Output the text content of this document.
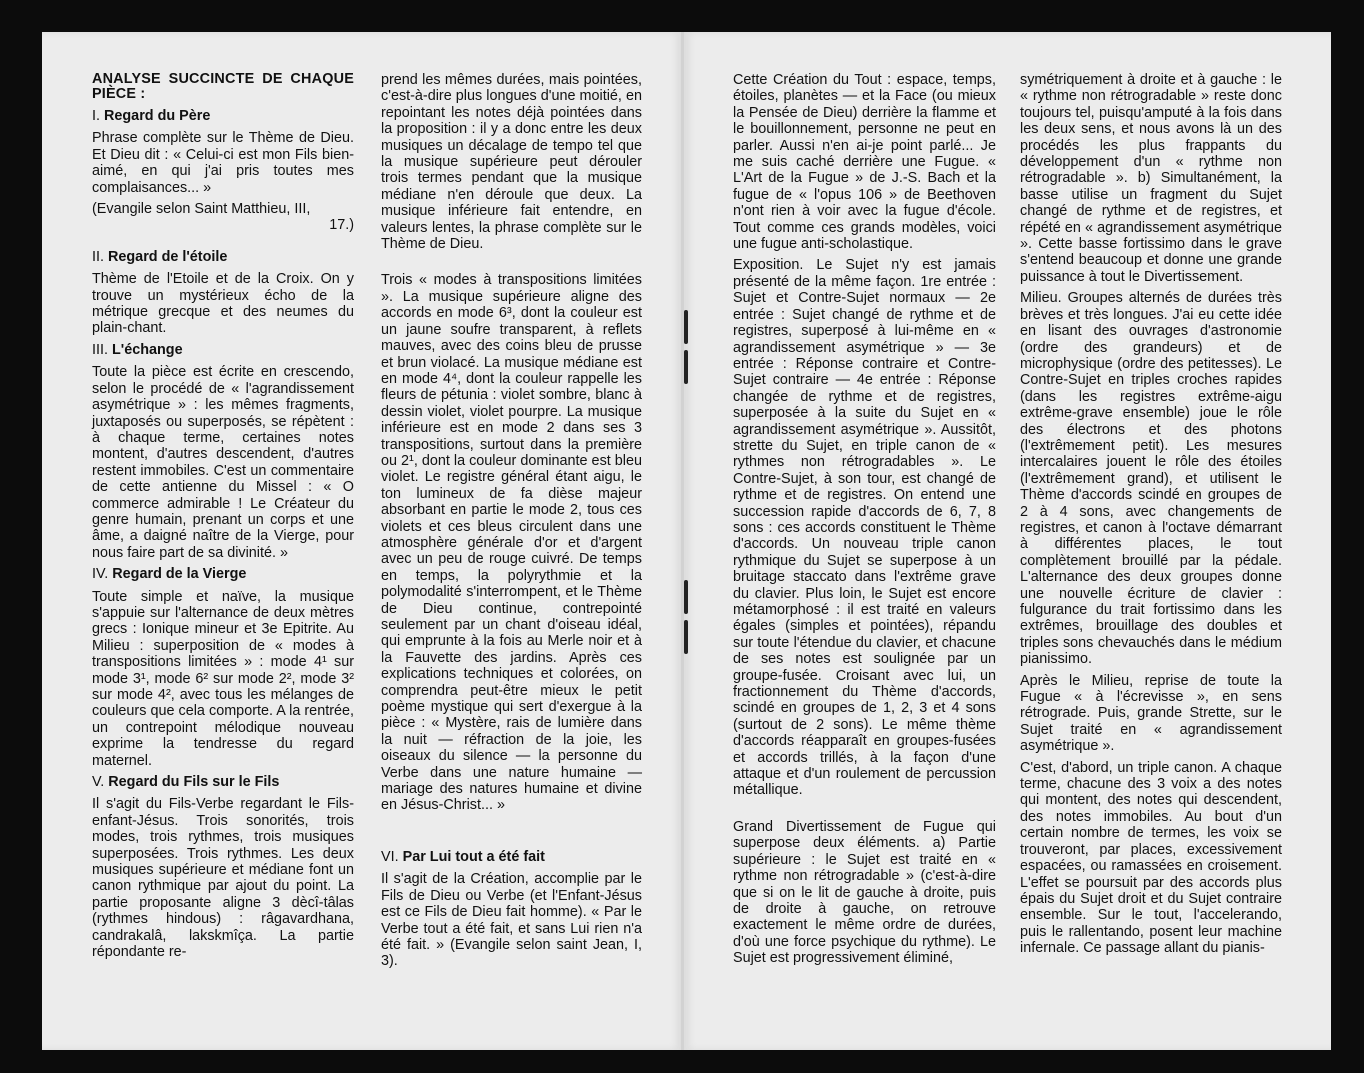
ANALYSE SUCCINCTE DE CHAQUE PIÈCE :
I. Regard du Père

Phrase complète sur le Thème de Dieu. Et Dieu dit : « Celui-ci est mon Fils bien-aimé, en qui j'ai pris toutes mes complaisances... »

(Evangile selon Saint Matthieu, III,

17.)

II. Regard de l'étoile

Thème de l'Etoile et de la Croix. On y trouve un mystérieux écho de la métrique grecque et des neumes du plain-chant.

III. L'échange

Toute la pièce est écrite en crescendo, selon le procédé de « l'agrandissement asymétrique » : les mêmes fragments, juxtaposés ou superposés, se répètent : à chaque terme, certaines notes montent, d'autres descendent, d'autres restent immobiles. C'est un commentaire de cette antienne du Missel : « O commerce admirable ! Le Créateur du genre humain, prenant un corps et une âme, a daigné naître de la Vierge, pour nous faire part de sa divinité. »

IV. Regard de la Vierge

Toute simple et naïve, la musique s'appuie sur l'alternance de deux mètres grecs : Ionique mineur et 3e Epitrite. Au Milieu : superposition de « modes à transpositions limitées » : mode 4¹ sur mode 3¹, mode 6² sur mode 2², mode 3² sur mode 4², avec tous les mélanges de couleurs que cela comporte. A la rentrée, un contrepoint mélodique nouveau exprime la tendresse du regard maternel.

V. Regard du Fils sur le Fils

Il s'agit du Fils-Verbe regardant le Fils-enfant-Jésus. Trois sonorités, trois modes, trois rythmes, trois musiques superposées. Trois rythmes. Les deux musiques supérieure et médiane font un canon rythmique par ajout du point. La partie proposante aligne 3 dècî-tâlas (rythmes hindous) : râgavardhana, candrakalâ, lakskmîça. La partie répondante re-

prend les mêmes durées, mais pointées, c'est-à-dire plus longues d'une moitié, en repointant les notes déjà pointées dans la proposition : il y a donc entre les deux musiques un décalage de tempo tel que la musique supérieure peut dérouler trois termes pendant que la musique médiane n'en déroule que deux. La musique inférieure fait entendre, en valeurs lentes, la phrase complète sur le Thème de Dieu.

Trois « modes à transpositions limitées ». La musique supérieure aligne des accords en mode 6³, dont la couleur est un jaune soufre transparent, à reflets mauves, avec des coins bleu de prusse et brun violacé. La musique médiane est en mode 4⁴, dont la couleur rappelle les fleurs de pétunia : violet sombre, blanc à dessin violet, violet pourpre. La musique inférieure est en mode 2 dans ses 3 transpositions, surtout dans la première ou 2¹, dont la couleur dominante est bleu violet. Le registre général étant aigu, le ton lumineux de fa dièse majeur absorbant en partie le mode 2, tous ces violets et ces bleus circulent dans une atmosphère générale d'or et d'argent avec un peu de rouge cuivré. De temps en temps, la polyrythmie et la polymodalité s'interrompent, et le Thème de Dieu continue, contrepointé seulement par un chant d'oiseau idéal, qui emprunte à la fois au Merle noir et à la Fauvette des jardins. Après ces explications techniques et colorées, on comprendra peut-être mieux le petit poème mystique qui sert d'exergue à la pièce : « Mystère, rais de lumière dans la nuit — réfraction de la joie, les oiseaux du silence — la personne du Verbe dans une nature humaine — mariage des natures humaine et divine en Jésus-Christ... »

VI. Par Lui tout a été fait

Il s'agit de la Création, accomplie par le Fils de Dieu ou Verbe (et l'Enfant-Jésus est ce Fils de Dieu fait homme). « Par le Verbe tout a été fait, et sans Lui rien n'a été fait. » (Evangile selon saint Jean, I, 3).

Cette Création du Tout : espace, temps, étoiles, planètes — et la Face (ou mieux la Pensée de Dieu) derrière la flamme et le bouillonnement, personne ne peut en parler. Aussi n'en ai-je point parlé... Je me suis caché derrière une Fugue. « L'Art de la Fugue » de J.-S. Bach et la fugue de « l'opus 106 » de Beethoven n'ont rien à voir avec la fugue d'école. Tout comme ces grands modèles, voici une fugue anti-scholastique.

Exposition. Le Sujet n'y est jamais présenté de la même façon. 1re entrée : Sujet et Contre-Sujet normaux — 2e entrée : Sujet changé de rythme et de registres, superposé à lui-même en « agrandissement asymétrique » — 3e entrée : Réponse contraire et Contre-Sujet contraire — 4e entrée : Réponse changée de rythme et de registres, superposée à la suite du Sujet en « agrandissement asymétrique ». Aussitôt, strette du Sujet, en triple canon de « rythmes non rétrogradables ». Le Contre-Sujet, à son tour, est changé de rythme et de registres. On entend une succession rapide d'accords de 6, 7, 8 sons : ces accords constituent le Thème d'accords. Un nouveau triple canon rythmique du Sujet se superpose à un bruitage staccato dans l'extrême grave du clavier. Plus loin, le Sujet est encore métamorphosé : il est traité en valeurs égales (simples et pointées), répandu sur toute l'étendue du clavier, et chacune de ses notes est soulignée par un groupe-fusée. Croisant avec lui, un fractionnement du Thème d'accords, scindé en groupes de 1, 2, 3 et 4 sons (surtout de 2 sons). Le même thème d'accords réapparaît en groupes-fusées et accords trillés, à la façon d'une attaque et d'un roulement de percussion métallique.

Grand Divertissement de Fugue qui superpose deux éléments. a) Partie supérieure : le Sujet est traité en « rythme non rétrogradable » (c'est-à-dire que si on le lit de gauche à droite, puis de droite à gauche, on retrouve exactement le même ordre de durées, d'où une force psychique du rythme). Le Sujet est progressivement éliminé,

symétriquement à droite et à gauche : le « rythme non rétrogradable » reste donc toujours tel, puisqu'amputé à la fois dans les deux sens, et nous avons là un des procédés les plus frappants du développement d'un « rythme non rétrogradable ». b) Simultanément, la basse utilise un fragment du Sujet changé de rythme et de registres, et répété en « agrandissement asymétrique ». Cette basse fortissimo dans le grave s'entend beaucoup et donne une grande puissance à tout le Divertissement.

Milieu. Groupes alternés de durées très brèves et très longues. J'ai eu cette idée en lisant des ouvrages d'astronomie (ordre des grandeurs) et de microphysique (ordre des petitesses). Le Contre-Sujet en triples croches rapides (dans les registres extrême-aigu extrême-grave ensemble) joue le rôle des électrons et des photons (l'extrêmement petit). Les mesures intercalaires jouent le rôle des étoiles (l'extrêmement grand), et utilisent le Thème d'accords scindé en groupes de 2 à 4 sons, avec changements de registres, et canon à l'octave démarrant à différentes places, le tout complètement brouillé par la pédale. L'alternance des deux groupes donne une nouvelle écriture de clavier : fulgurance du trait fortissimo dans les extrêmes, brouillage des doubles et triples sons chevauchés dans le médium pianissimo.

Après le Milieu, reprise de toute la Fugue « à l'écrevisse », en sens rétrograde. Puis, grande Strette, sur le Sujet traité en « agrandissement asymétrique ».

C'est, d'abord, un triple canon. A chaque terme, chacune des 3 voix a des notes qui montent, des notes qui descendent, des notes immobiles. Au bout d'un certain nombre de termes, les voix se trouveront, par places, excessivement espacées, ou ramassées en croisement. L'effet se poursuit par des accords plus épais du Sujet droit et du Sujet contraire ensemble. Sur le tout, l'accelerando, puis le rallentando, posent leur machine infernale. Ce passage allant du pianis-
